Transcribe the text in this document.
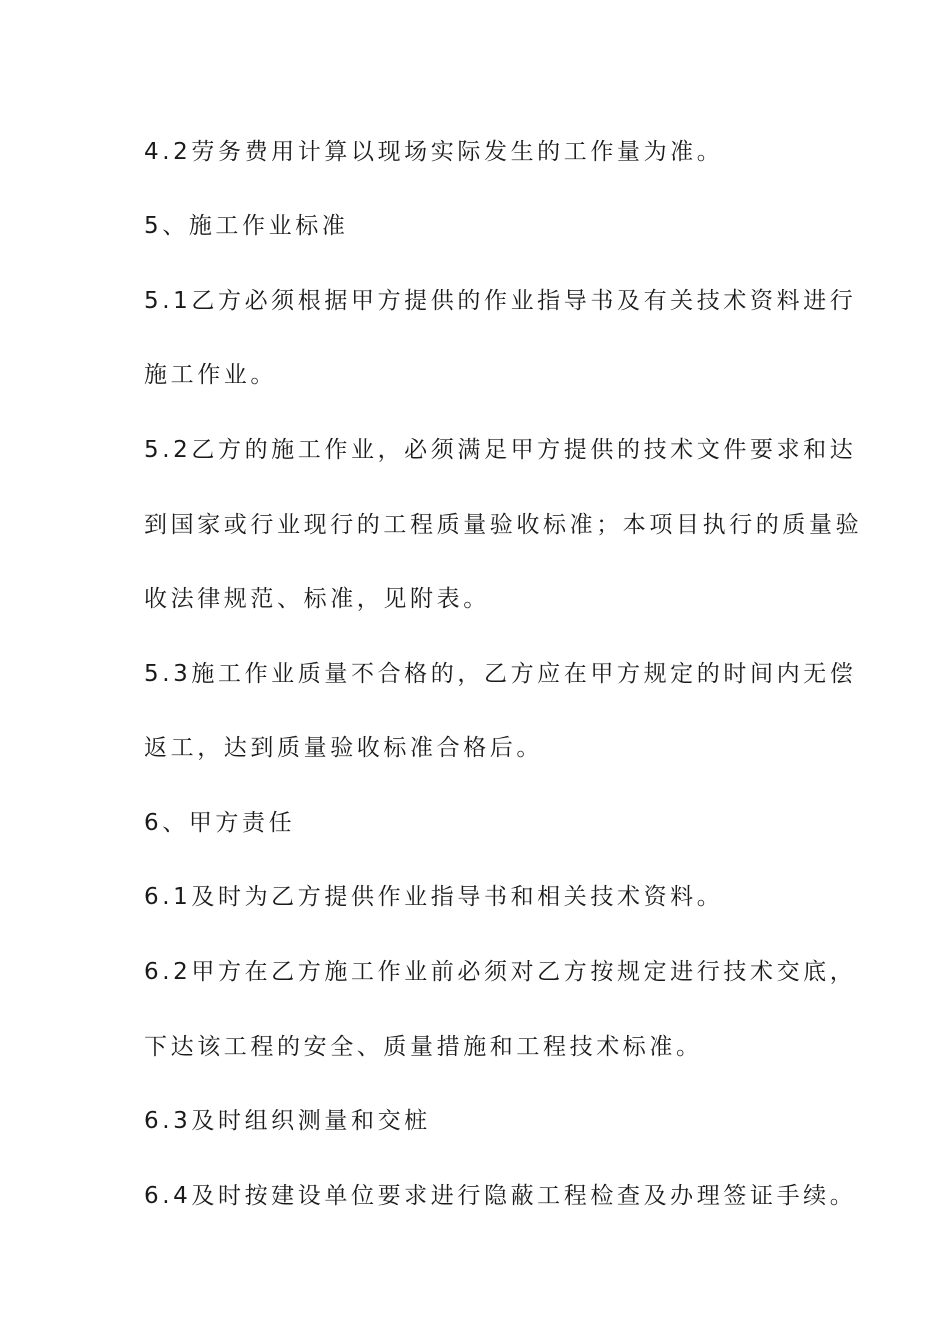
4.2劳务费用计算以现场实际发生的工作量为准。
5、施工作业标准
5.1乙方必须根据甲方提供的作业指导书及有关技术资料进行
施工作业。
5.2乙方的施工作业，必须满足甲方提供的技术文件要求和达
到国家或行业现行的工程质量验收标准；本项目执行的质量验
收法律规范、标准，见附表。
5.3施工作业质量不合格的，乙方应在甲方规定的时间内无偿
返工，达到质量验收标准合格后。
6、甲方责任
6.1及时为乙方提供作业指导书和相关技术资料。
6.2甲方在乙方施工作业前必须对乙方按规定进行技术交底，
下达该工程的安全、质量措施和工程技术标准。
6.3及时组织测量和交桩
6.4及时按建设单位要求进行隐蔽工程检查及办理签证手续。
